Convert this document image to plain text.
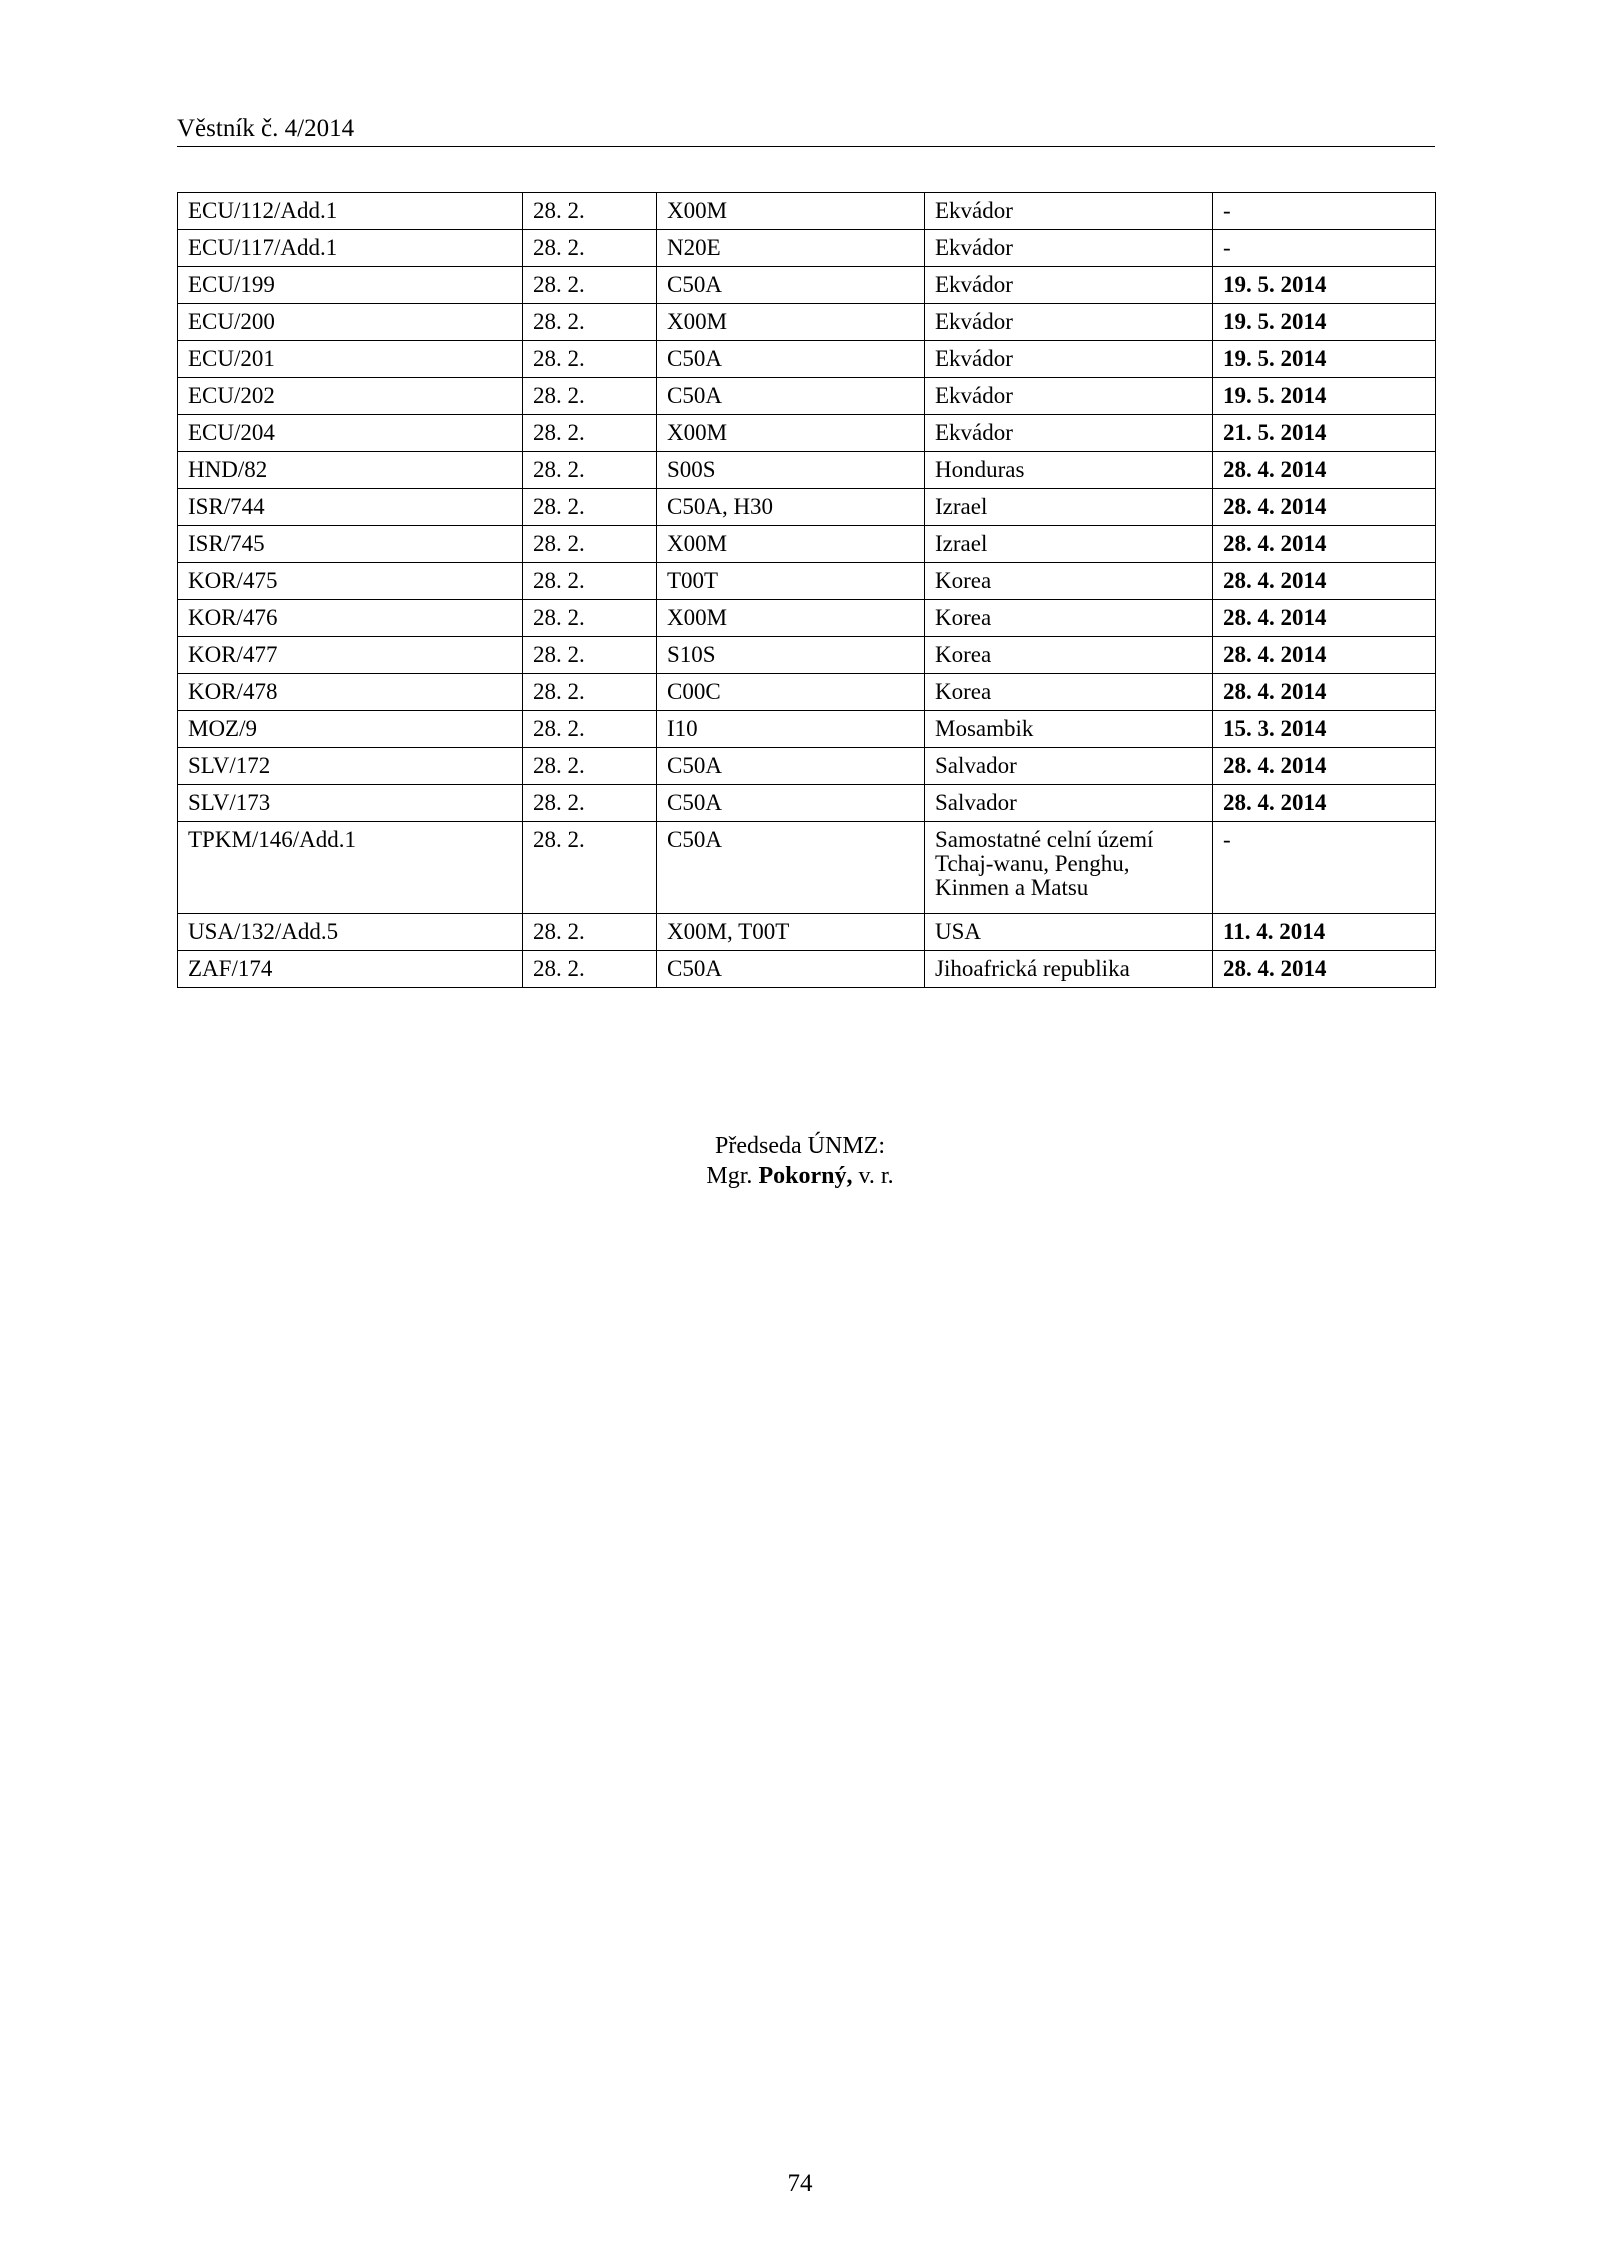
Věstník č. 4/2014
ECU/112/Add.1	28. 2.	X00M	Ekvádor	-
ECU/117/Add.1	28. 2.	N20E	Ekvádor	-
ECU/199	28. 2.	C50A	Ekvádor	19. 5. 2014
ECU/200	28. 2.	X00M	Ekvádor	19. 5. 2014
ECU/201	28. 2.	C50A	Ekvádor	19. 5. 2014
ECU/202	28. 2.	C50A	Ekvádor	19. 5. 2014
ECU/204	28. 2.	X00M	Ekvádor	21. 5. 2014
HND/82	28. 2.	S00S	Honduras	28. 4. 2014
ISR/744	28. 2.	C50A, H30	Izrael	28. 4. 2014
ISR/745	28. 2.	X00M	Izrael	28. 4. 2014
KOR/475	28. 2.	T00T	Korea	28. 4. 2014
KOR/476	28. 2.	X00M	Korea	28. 4. 2014
KOR/477	28. 2.	S10S	Korea	28. 4. 2014
KOR/478	28. 2.	C00C	Korea	28. 4. 2014
MOZ/9	28. 2.	I10	Mosambik	15. 3. 2014
SLV/172	28. 2.	C50A	Salvador	28. 4. 2014
SLV/173	28. 2.	C50A	Salvador	28. 4. 2014
TPKM/146/Add.1	28. 2.	C50A	Samostatné celní území Tchaj-wanu, Penghu, Kinmen a Matsu	-
USA/132/Add.5	28. 2.	X00M, T00T	USA	11. 4. 2014
ZAF/174	28. 2.	C50A	Jihoafrická republika	28. 4. 2014
Předseda ÚNMZ:
Mgr. Pokorný, v. r.
74
